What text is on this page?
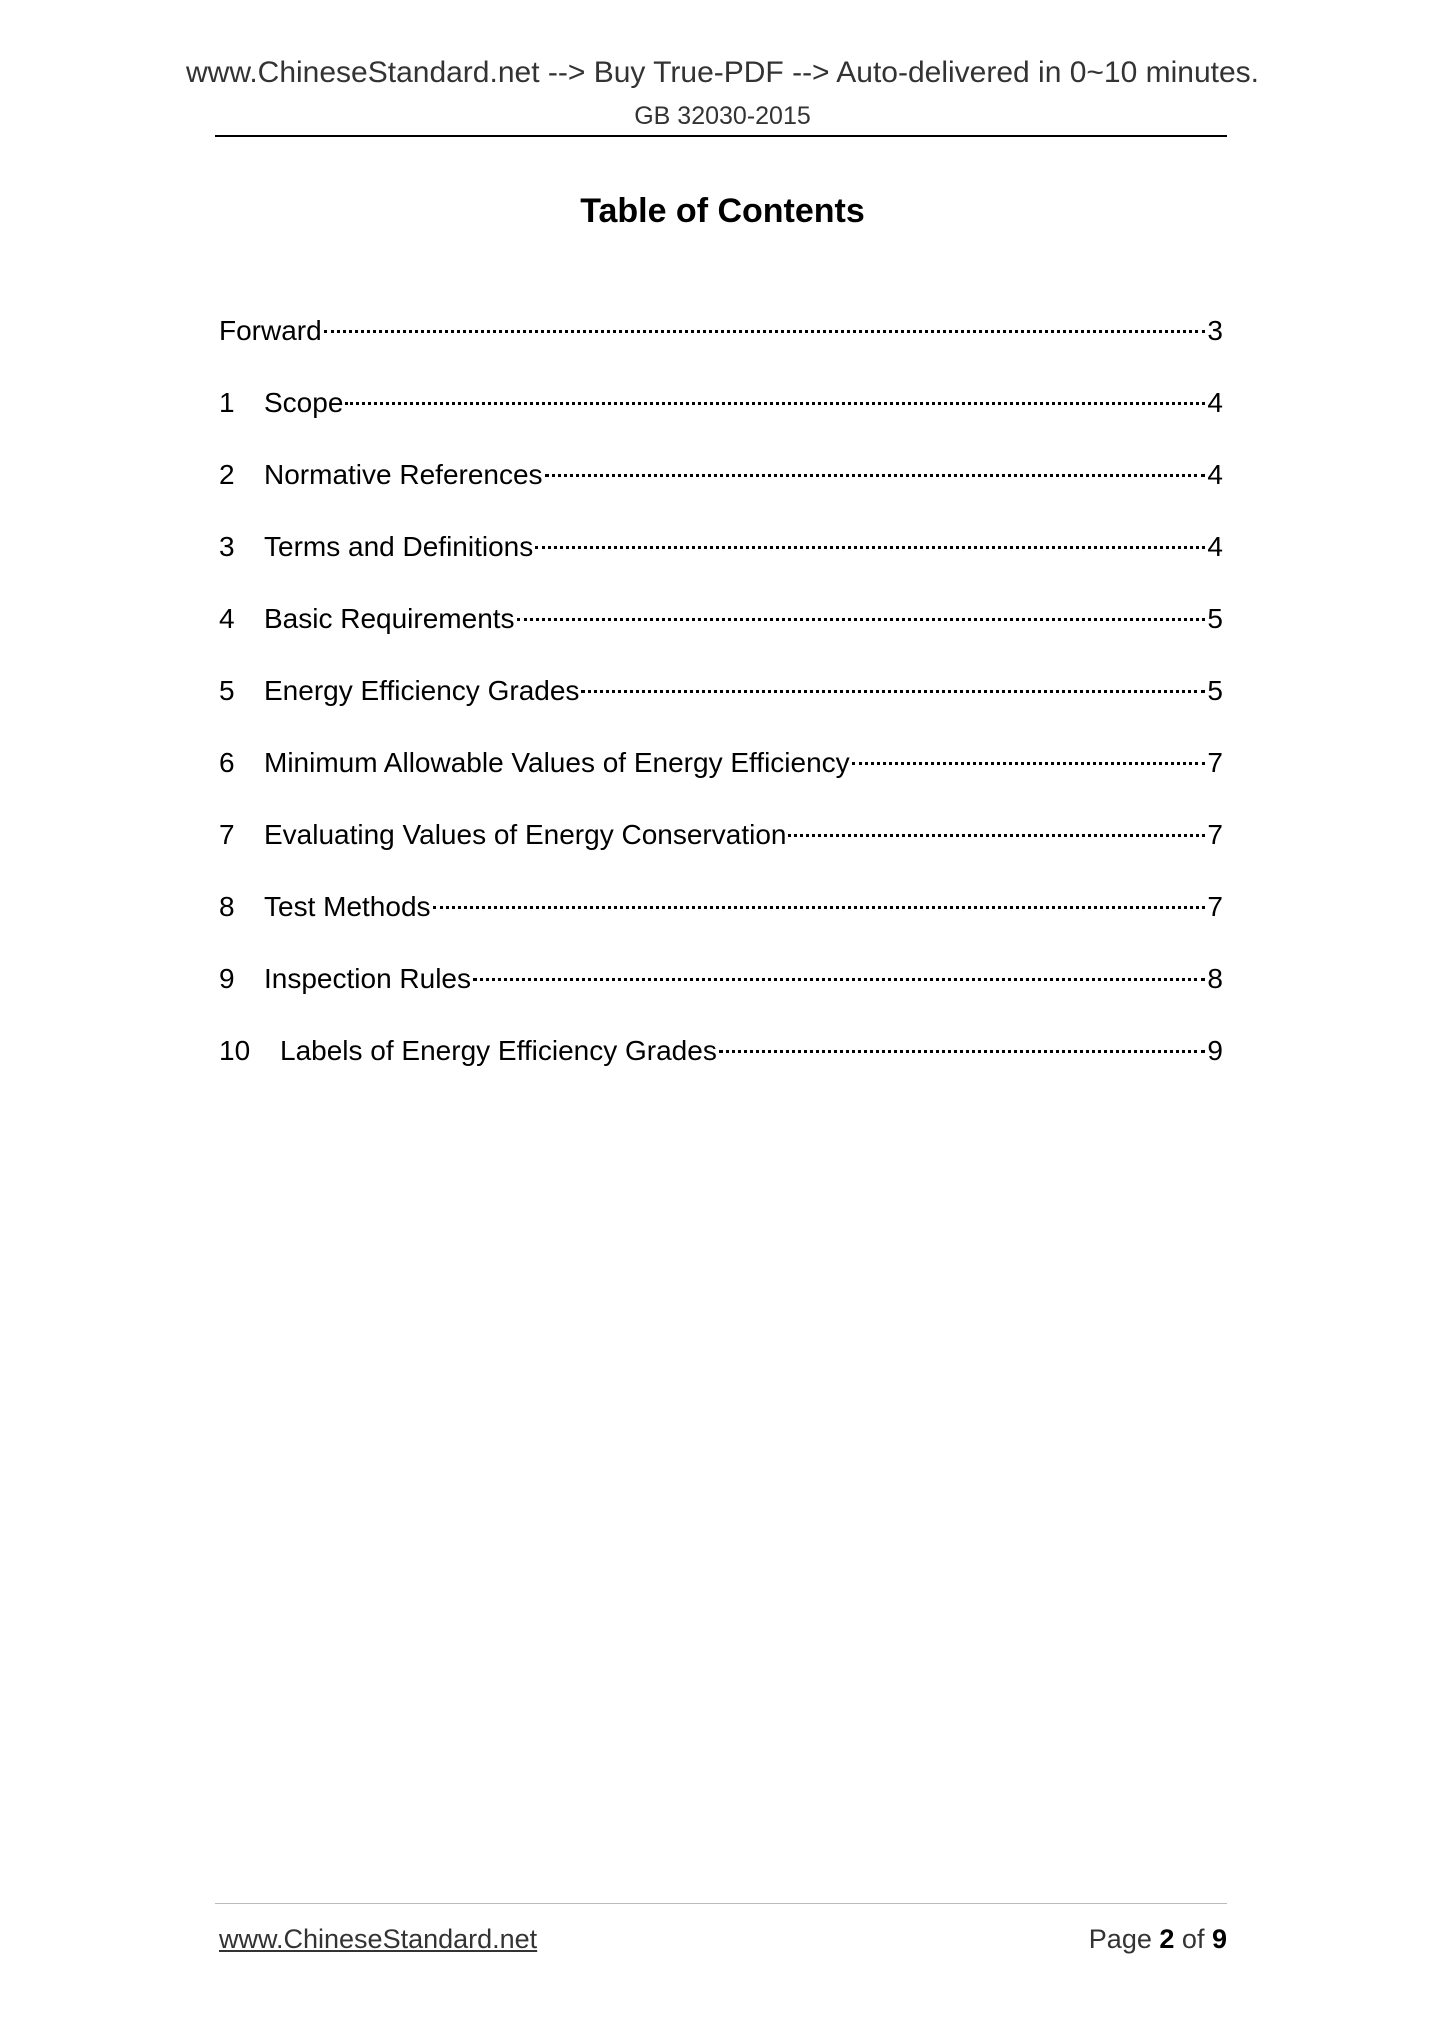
www.ChineseStandard.net --> Buy True-PDF --> Auto-delivered in 0~10 minutes.
GB 32030-2015
Table of Contents
Forward	3
1	Scope	4
2	Normative References	4
3	Terms and Definitions	4
4	Basic Requirements	5
5	Energy Efficiency Grades	5
6	Minimum Allowable Values of Energy Efficiency	7
7	Evaluating Values of Energy Conservation	7
8	Test Methods	7
9	Inspection Rules	8
10	Labels of Energy Efficiency Grades	9
www.ChineseStandard.net	Page 2 of 9
